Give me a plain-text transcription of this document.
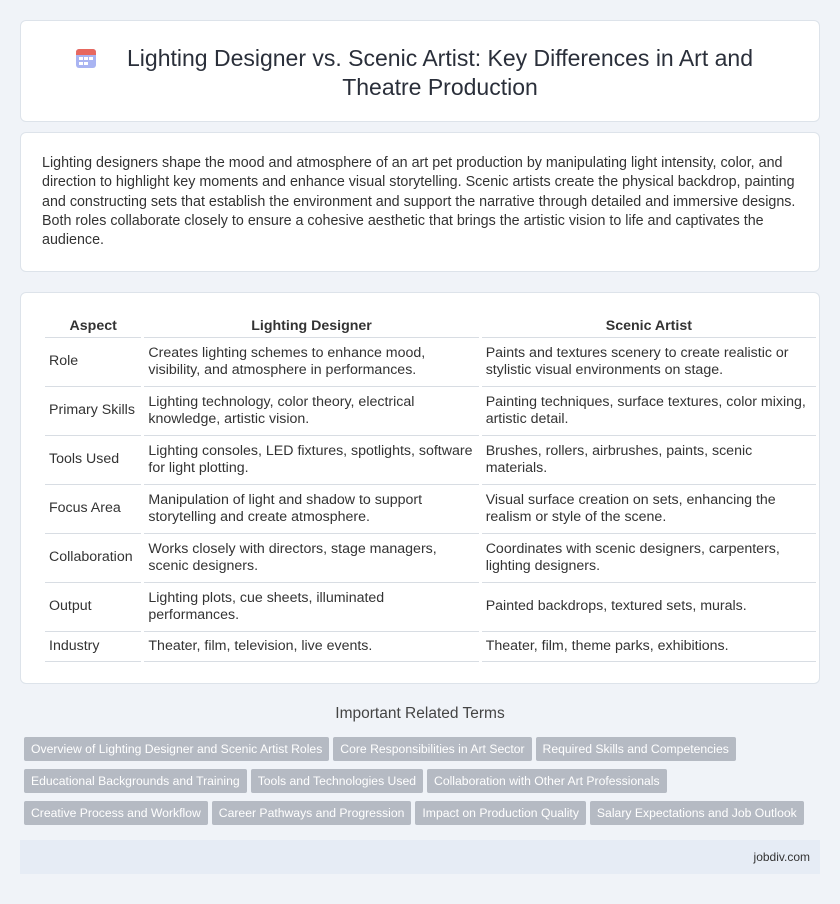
Lighting Designer vs. Scenic Artist: Key Differences in Art and Theatre Production

Lighting designers shape the mood and atmosphere of an art pet production by manipulating light intensity, color, and direction to highlight key moments and enhance visual storytelling. Scenic artists create the physical backdrop, painting and constructing sets that establish the environment and support the narrative through detailed and immersive designs. Both roles collaborate closely to ensure a cohesive aesthetic that brings the artistic vision to life and captivates the audience.

Aspect	Lighting Designer	Scenic Artist
Role	Creates lighting schemes to enhance mood, visibility, and atmosphere in performances.	Paints and textures scenery to create realistic or stylistic visual environments on stage.
Primary Skills	Lighting technology, color theory, electrical knowledge, artistic vision.	Painting techniques, surface textures, color mixing, artistic detail.
Tools Used	Lighting consoles, LED fixtures, spotlights, software for light plotting.	Brushes, rollers, airbrushes, paints, scenic materials.
Focus Area	Manipulation of light and shadow to support storytelling and create atmosphere.	Visual surface creation on sets, enhancing the realism or style of the scene.
Collaboration	Works closely with directors, stage managers, scenic designers.	Coordinates with scenic designers, carpenters, lighting designers.
Output	Lighting plots, cue sheets, illuminated performances.	Painted backdrops, textured sets, murals.
Industry	Theater, film, television, live events.	Theater, film, theme parks, exhibitions.
Important Related Terms
Overview of Lighting Designer and Scenic Artist Roles Core Responsibilities in Art Sector Required Skills and Competencies
Educational Backgrounds and Training Tools and Technologies Used Collaboration with Other Art Professionals
Creative Process and Workflow Career Pathways and Progression Impact on Production Quality Salary Expectations and Job Outlook
jobdiv.com
